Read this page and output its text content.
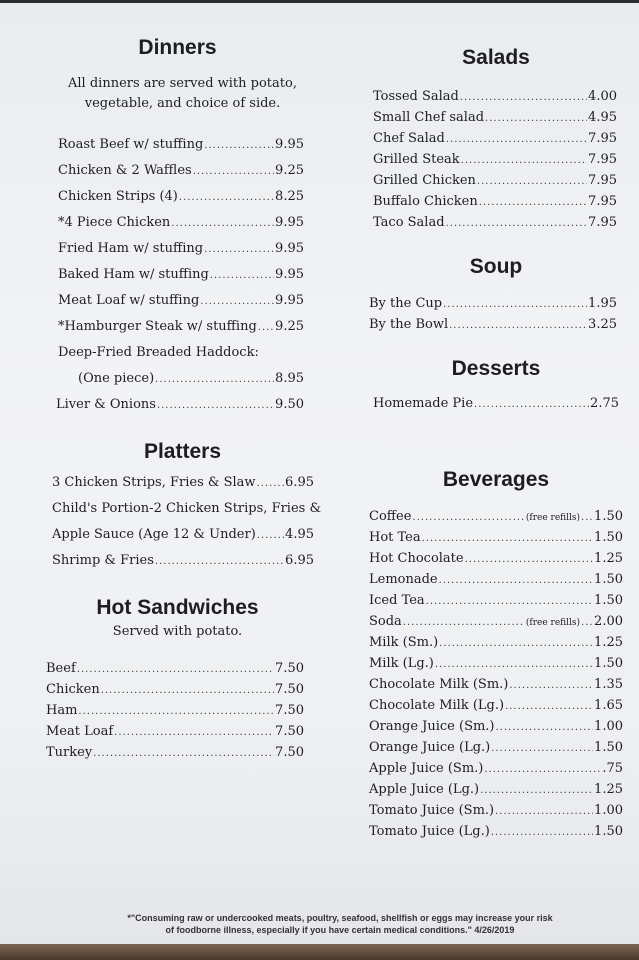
Dinners

All dinners are served with potato,

vegetable, and choice of side.

Roast Beef w/ stuffing .....	9.95
Chicken & 2 Waffles .....	9.25
Chicken Strips (4) .....	8.25
*4 Piece Chicken .....	9.95
Fried Ham w/ stuffing .....	9.95
Baked Ham w/ stuffing .....	9.95
Meat Loaf w/ stuffing .....	9.95
*Hamburger Steak w/ stuffing ..... 9.25
Deep-Fried Breaded Haddock:
(One piece) .....	8.95
Liver & Onions .....	9.50
Platters
3 Chicken Strips, Fries & Slaw ..... 6.95
Child's Portion-2 Chicken Strips, Fries &
Apple Sauce (Age 12 & Under) ..... 4.95
Shrimp & Fries .....	6.95
Hot Sandwiches

Served with potato.

Beef .....	7.50
Chicken .....	7.50
Ham .....	7.50
Meat Loaf .....	7.50
Turkey .....	7.50
Salads
Tossed Salad .....	4.00
Small Chef salad .....	4.95
Chef Salad .....	7.95
Grilled Steak .....	7.95
Grilled Chicken .....	7.95
Buffalo Chicken .....	7.95
Taco Salad .....	7.95
Soup
By the Cup .....	1.95
By the Bowl .....	3.25
Desserts
Homemade Pie .....	2.75
Beverages
Coffee .....	(free refills) ..... 1.50
Hot Tea .....	1.50
Hot Chocolate .....	1.25
Lemonade .....	1.50
Iced Tea .....	1.50
Soda .....	(free refills) ..... 2.00
Milk (Sm.) .....	1.25
Milk (Lg.) .....	1.50
Chocolate Milk (Sm.) .....	1.35
Chocolate Milk (Lg.) .....	1.65
Orange Juice (Sm.) .....	1.00
Orange Juice (Lg.) .....	1.50
Apple Juice (Sm.) .....	.75
Apple Juice (Lg.) .....	1.25
Tomato Juice (Sm.) .....	1.00
Tomato Juice (Lg.) .....	1.50
*"Consuming raw or undercooked meats, poultry, seafood, shellfish or eggs may increase your risk
of foodborne illness, especially if you have certain medical conditions." 4/26/2019
